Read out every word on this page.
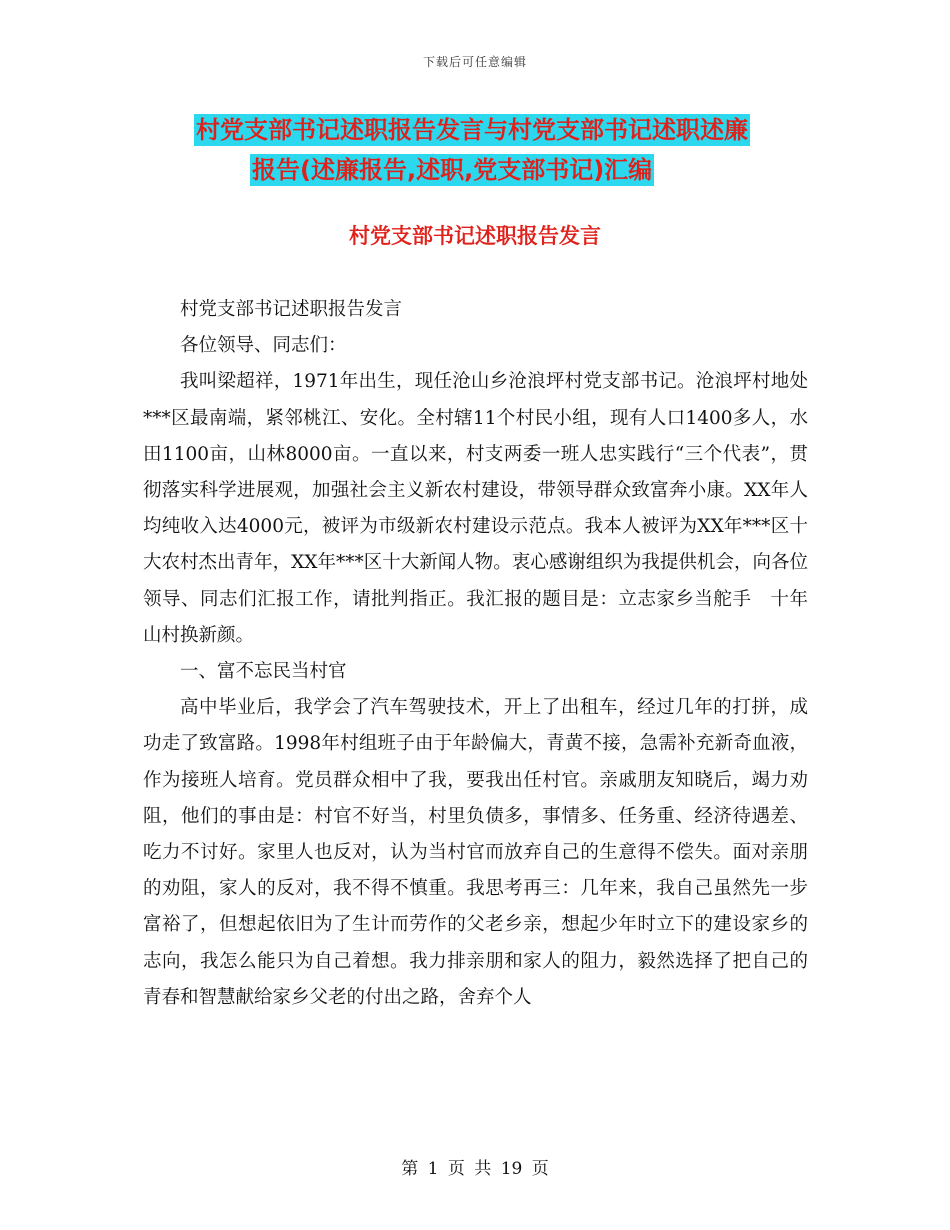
下载后可任意编辑
村党支部书记述职报告发言与村党支部书记述职述廉
报告(述廉报告,述职,党支部书记)汇编
村党支部书记述职报告发言

村党支部书记述职报告发言

各位领导、同志们：

我叫梁超祥，1971年出生，现任沧山乡沧浪坪村党支部书记。沧浪坪村地处***区最南端，紧邻桃江、安化。全村辖11个村民小组，现有人口1400多人，水田1100亩，山林8000亩。一直以来，村支两委一班人忠实践行“三个代表”，贯彻落实科学进展观，加强社会主义新农村建设，带领导群众致富奔小康。XX年人均纯收入达4000元，被评为市级新农村建设示范点。我本人被评为XX年***区十大农村杰出青年，XX年***区十大新闻人物。衷心感谢组织为我提供机会，向各位领导、同志们汇报工作，请批判指正。我汇报的题目是：立志家乡当舵手　十年山村换新颜。

一、富不忘民当村官

高中毕业后，我学会了汽车驾驶技术，开上了出租车，经过几年的打拼，成功走了致富路。1998年村组班子由于年龄偏大，青黄不接，急需补充新奇血液，作为接班人培育。党员群众相中了我，要我出任村官。亲戚朋友知晓后，竭力劝阻，他们的事由是：村官不好当，村里负债多，事情多、任务重、经济待遇差、吃力不讨好。家里人也反对，认为当村官而放弃自己的生意得不偿失。面对亲朋的劝阻，家人的反对，我不得不慎重。我思考再三：几年来，我自己虽然先一步富裕了，但想起依旧为了生计而劳作的父老乡亲，想起少年时立下的建设家乡的志向，我怎么能只为自己着想。我力排亲朋和家人的阻力，毅然选择了把自己的青春和智慧献给家乡父老的付出之路，舍弃个人

第 1 页 共 19 页
